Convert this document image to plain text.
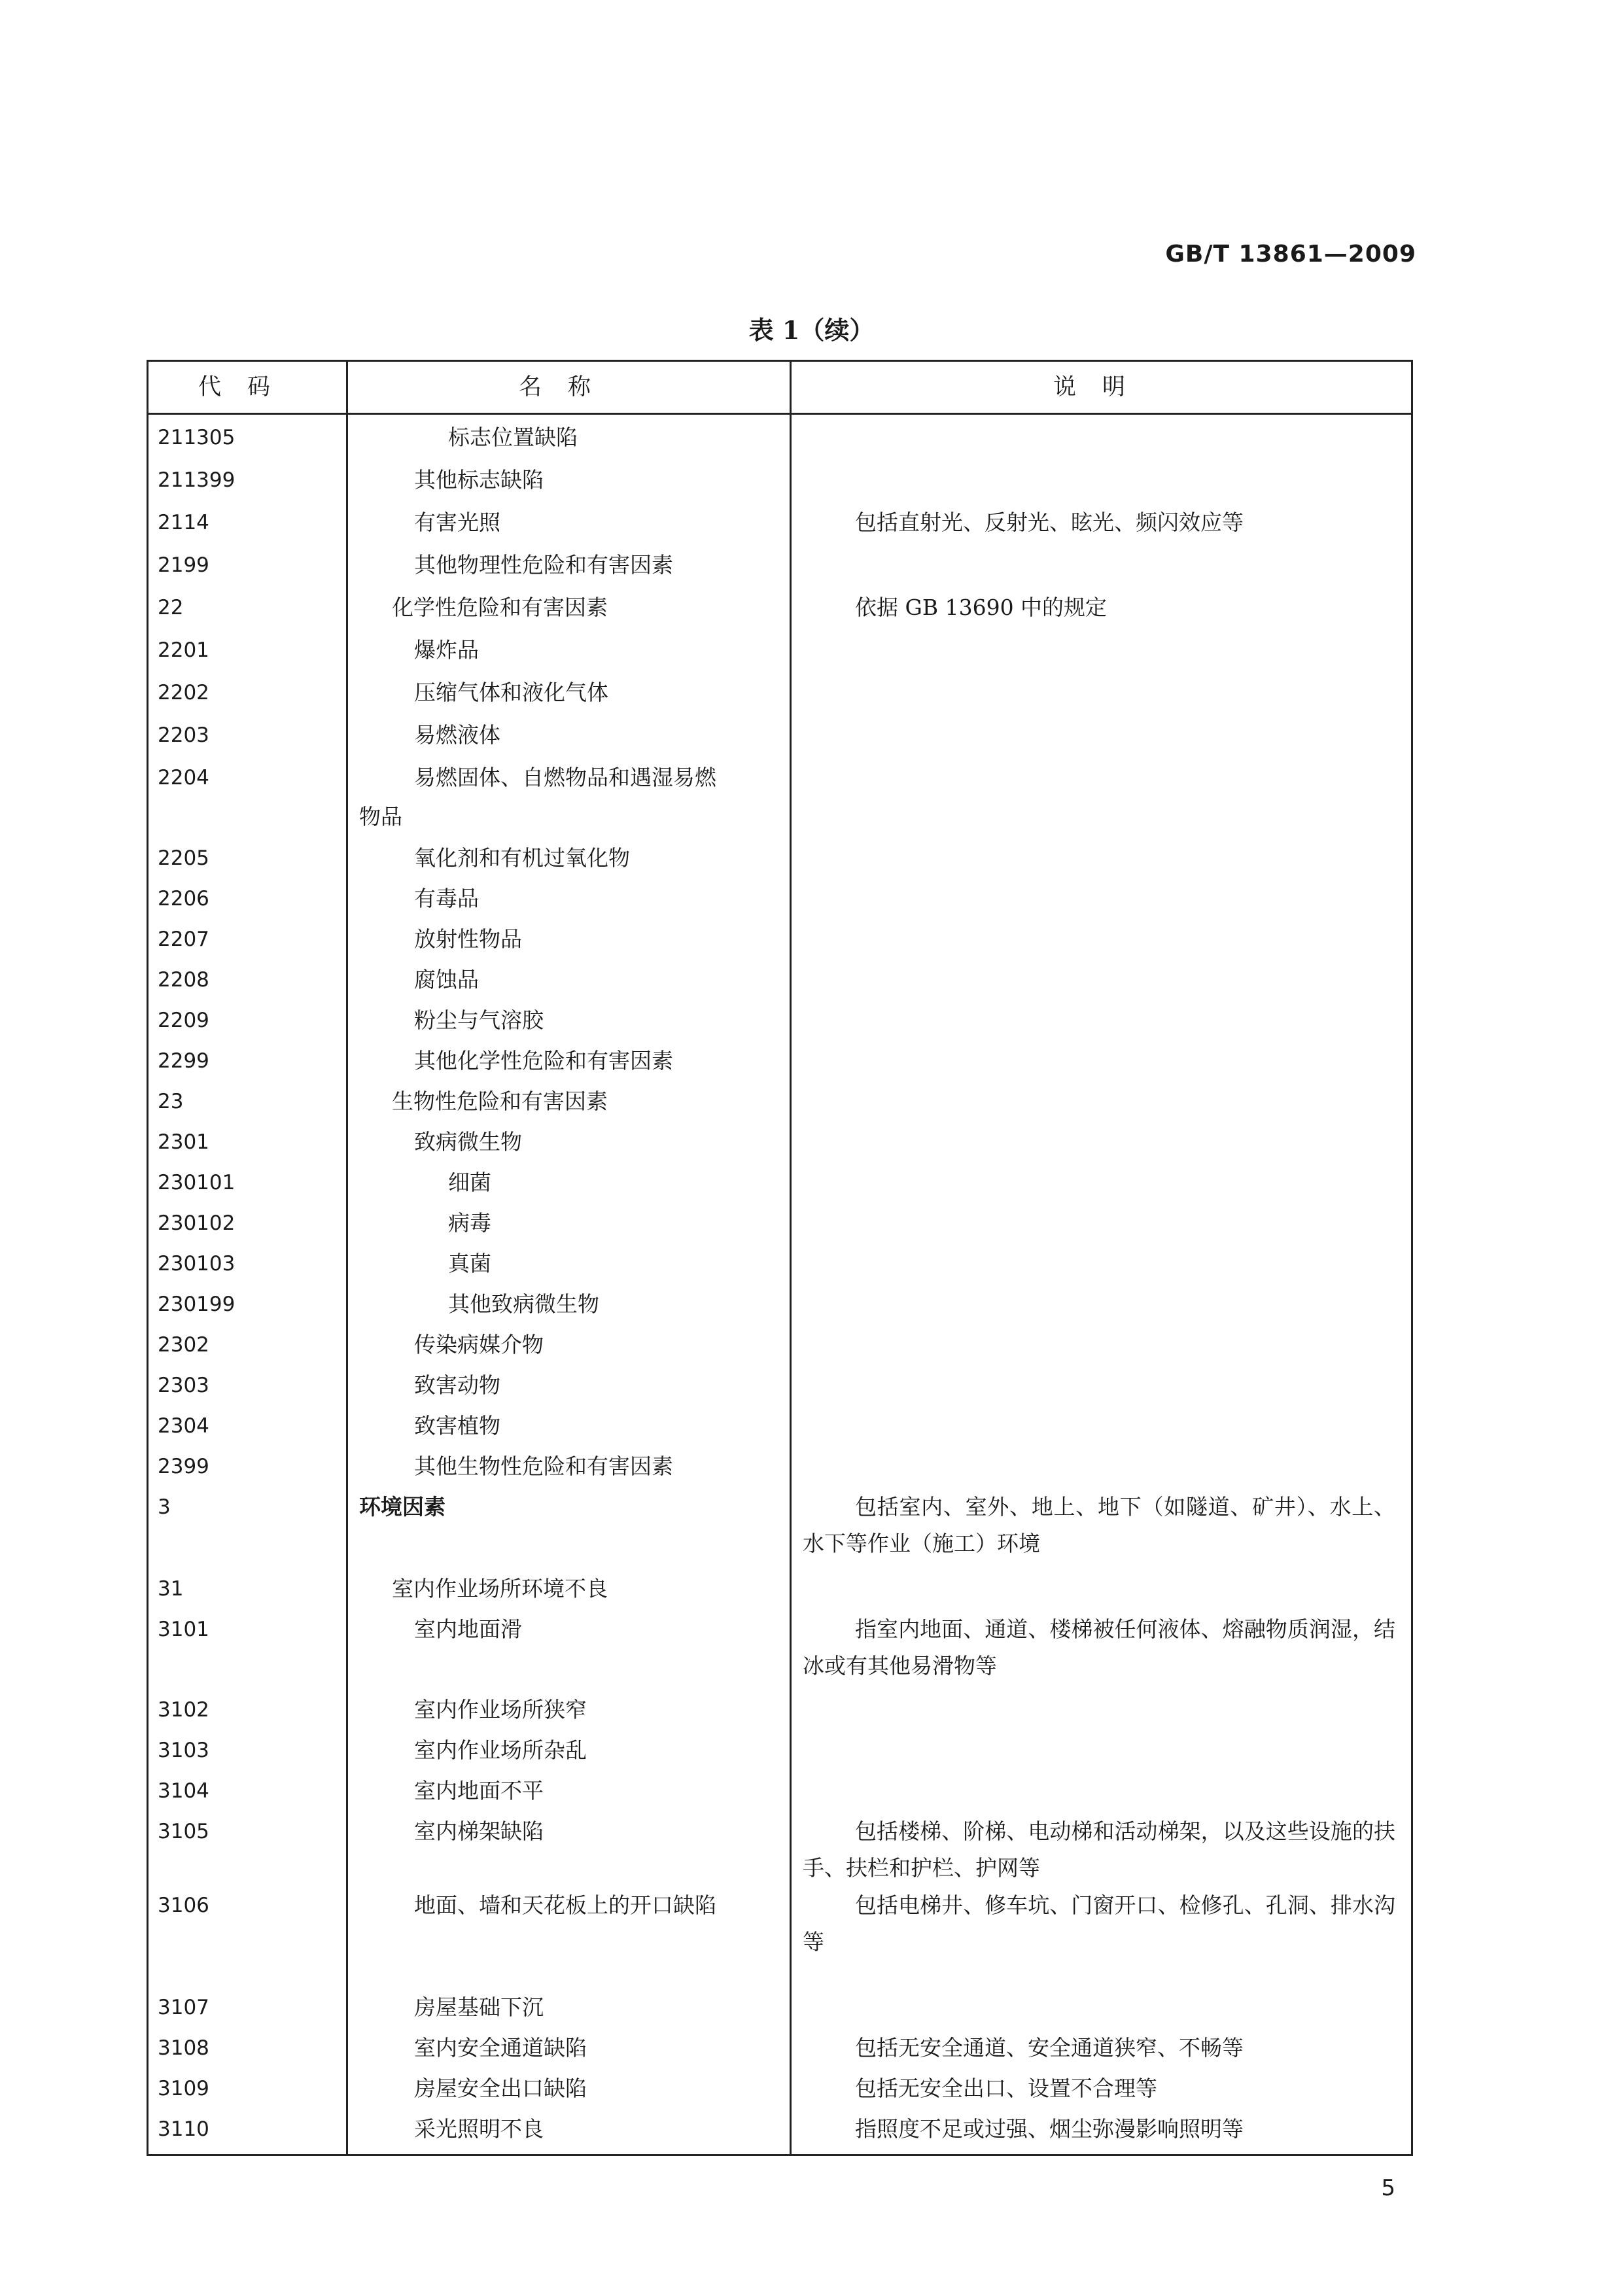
GB/T 13861—2009
表 1（续）
代码	名称	说明
211305	标志位置缺陷
211399	其他标志缺陷
2114	有害光照	包括直射光、反射光、眩光、频闪效应等
2199	其他物理性危险和有害因素
22	化学性危险和有害因素	依据 GB 13690 中的规定
2201	爆炸品
2202	压缩气体和液化气体
2203	易燃液体
2204	易燃固体、自燃物品和遇湿易燃
物品
2205	氧化剂和有机过氧化物
2206	有毒品
2207	放射性物品
2208	腐蚀品
2209	粉尘与气溶胶
2299	其他化学性危险和有害因素
23	生物性危险和有害因素
2301	致病微生物
230101	细菌
230102	病毒
230103	真菌
230199	其他致病微生物
2302	传染病媒介物
2303	致害动物
2304	致害植物
2399	其他生物性危险和有害因素
3	环境因素	包括室内、室外、地上、地下（如隧道、矿井）、水上、水下等作业（施工）环境
31	室内作业场所环境不良
3101	室内地面滑	指室内地面、通道、楼梯被任何液体、熔融物质润湿，结冰或有其他易滑物等
3102	室内作业场所狭窄
3103	室内作业场所杂乱
3104	室内地面不平
3105	室内梯架缺陷	包括楼梯、阶梯、电动梯和活动梯架，以及这些设施的扶手、扶栏和护栏、护网等
3106	地面、墙和天花板上的开口缺陷	包括电梯井、修车坑、门窗开口、检修孔、孔洞、排水沟等
3107	房屋基础下沉
3108	室内安全通道缺陷	包括无安全通道、安全通道狭窄、不畅等
3109	房屋安全出口缺陷	包括无安全出口、设置不合理等
3110	采光照明不良	指照度不足或过强、烟尘弥漫影响照明等
5
